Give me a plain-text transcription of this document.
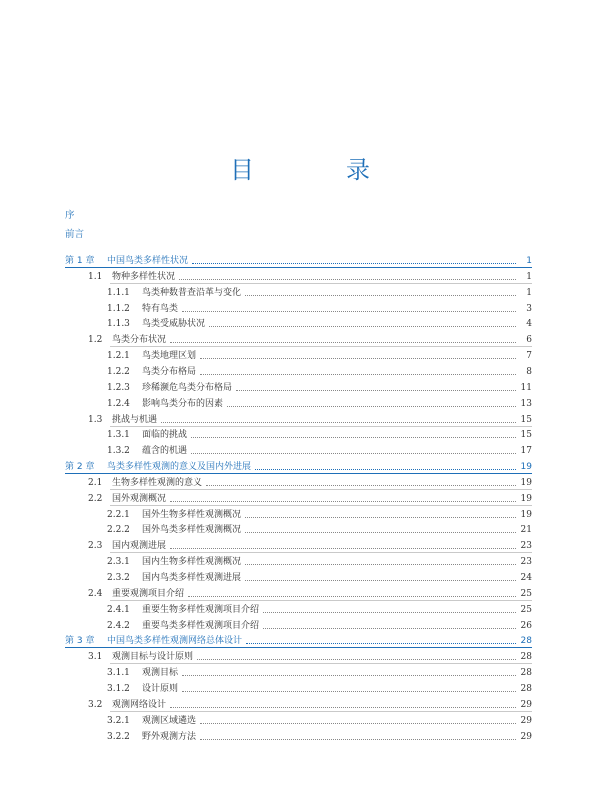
目　录
序
前言
第 1 章	中国鸟类多样性状况	1
1.1	物种多样性状况	1
1.1.1	鸟类种数普查沿革与变化	1
1.1.2	特有鸟类	3
1.1.3	鸟类受威胁状况	4
1.2	鸟类分布状况	6
1.2.1	鸟类地理区划	7
1.2.2	鸟类分布格局	8
1.2.3	珍稀濒危鸟类分布格局	11
1.2.4	影响鸟类分布的因素	13
1.3	挑战与机遇	15
1.3.1	面临的挑战	15
1.3.2	蕴含的机遇	17
第 2 章	鸟类多样性观测的意义及国内外进展	19
2.1	生物多样性观测的意义	19
2.2	国外观测概况	19
2.2.1	国外生物多样性观测概况	19
2.2.2	国外鸟类多样性观测概况	21
2.3	国内观测进展	23
2.3.1	国内生物多样性观测概况	23
2.3.2	国内鸟类多样性观测进展	24
2.4	重要观测项目介绍	25
2.4.1	重要生物多样性观测项目介绍	25
2.4.2	重要鸟类多样性观测项目介绍	26
第 3 章	中国鸟类多样性观测网络总体设计	28
3.1	观测目标与设计原则	28
3.1.1	观测目标	28
3.1.2	设计原则	28
3.2	观测网络设计	29
3.2.1	观测区域遴选	29
3.2.2	野外观测方法	29
